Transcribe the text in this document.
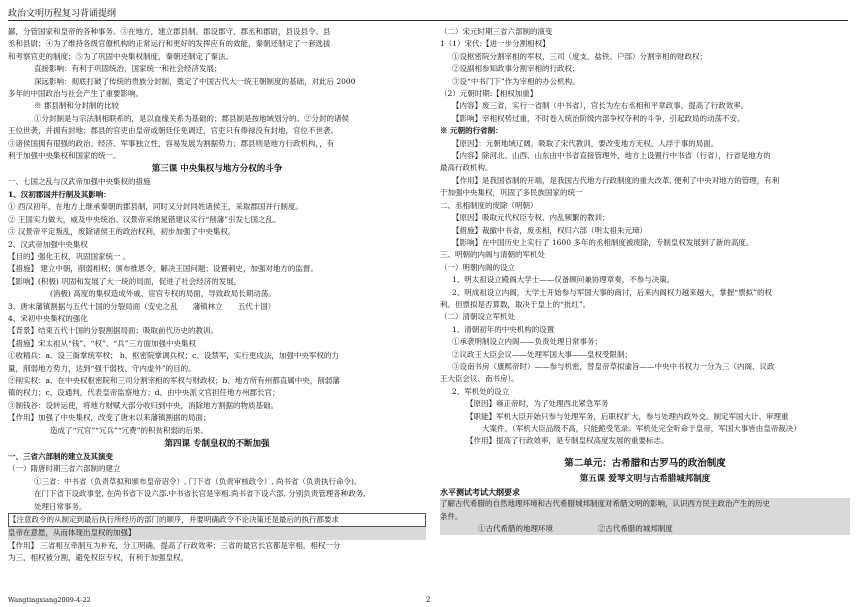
政治文明历程复习背诵提纲
鄙，分管国家和皇帝的各种事务。③在地方，建立郡县制。郡设郡守、郡丞和郡尉，县设县令、县
丞和县尉；④为了维持各级官僚机构的正常运行和更好的发挥应有的效能，秦朝还制定了一套选拔
和考察官吏的制度；⑤为了巩固中央集权制度，秦朝还制定了秦法。
直接影响：有利于巩固统治，国家统一和社会经济发展；
深远影响：彻底打破了传统的贵族分封制，奠定了中国古代大一统王朝制度的基础，对此后 2000
多年的中国政治与社会产生了重要影响。
※ 郡县制和分封制的比较
①分封制是与宗法制相联系的，是以血缘关系为基础的；郡县制是按地域划分的。②分封的诸侯
王位世袭，并拥有封地；郡县的官吏由皇帝或朝廷任免调迁，官吏只有俸禄没有封地，官位不世袭。
③诸侯国拥有很强的政治、经济、军事独立性，容易发展为割据势力；郡县则是地方行政机构，，有
利于加强中央集权和国家的统一。
第三课 中央集权与地方分权的斗争
一、七国之乱与汉武帝加强中央集权的措施
1、汉初郡国并行制及其影响：
① 西汉初年，在地方上继承秦朝的郡县制，同时又分封同姓诸侯王，采取郡国并行制度。
② 王国实力做大，威及中央统治。汉景帝采纳晁错建议实行“削藩”引发七国之乱。
③ 汉景帝平定叛乱，废除诸侯王的政治权利，初步加强了中央集权。
2、汉武帝加强中央集权
【目的】强化王权，巩固国家统一 。
【措施】 建立中朝，削弱相权；颁布推恩令，解决王国问题；设置刺史，加强对地方的监督。
【影响】(积极) 巩固和发展了大一统的局面，促进了社会经济的发展。
(消极) 高度的集权造成外戚、宦官专权的局面，导致政局长期动荡。
3、唐末藩镇割据与五代十国的分裂局面（安史之乱　　藩镇林立　　五代十国）
4、宋初中央集权的强化
【背景】结束五代十国的分裂割据局面；吸取前代历史的教训。
【措施】宋太祖从“钱”、“权”、“兵”三方面加强中央集权
①收精兵：a、设三衙掌统军权； b、枢密院掌调兵权；c、设禁军，实行更戍法，加强中央军权的力
量，削弱地方势力，达到“强干弱枝、守内虚外”的目的。
②削实权：a、在中央权枢密院和三司分割宰相的军权与财政权；b、地方所有州都直属中央，削弱藩
镇的权力；c、设通判，代表皇帝监察地方；d、由中央派文官担任地方州郡长官；
③制钱谷：设转运使，将地方财赋大部分收归到中央，消除地方割据的物质基础。
【作用】加强了中央集权，改变了唐末以来藩镇割据的局面；
造成了“冗官”“冗兵”“冗费”的积贫积弱的后果。
第四课 专制皇权的不断加强
一、三省六部制的建立及其演变
（一）隋唐时期三省六部制的建立
①三省：中书省（负责草拟和颁布皇帝诏令）, 门下省（负责审核政令）, 尚书省（负责执行命令),
在门下省下设政事堂, 在尚书省下设六部.中书省长官是宰相.尚书省下设六部, 分别负责管理各种政务,
处理日常事务。
【注意政令的从制定到最后执行所经历的部门的顺序，并要明确政令不论决策还是最后的执行都要求
皇帝在意愿，从而体现出皇权的加强】
【作用】 三省相互牵制互为补充，分工明确，提高了行政效率；三省的最官长官都是宰相，相权一分
为三，相权被分割，避免权臣专权，有利于加强皇权。
（二）宋元时期三省六部制的演变
1（1）宋代:【进一步分割相权】
①设枢密院分割宰相的军权，三司（度支、盐铁、户部）分割宰相的财政权；
②设副相参知政事分割宰相的行政权；
③设“中书门下”作为宰相的办公机构。
（2）元朝时期:【相权加重】
【内容】废三省，实行一省制（中书省），官长为左右丞相和平章政事，提高了行政效率。
【影响】宰相权势过重，不时卷入统治阶级内部争权夺利的斗争，引起政局的动荡不安。
※ 元朝的行省制：
【原因】：元朝地域辽阔，吸取了宋代教训，要改变地方无权，人浮于事的局面。
【内容】除河北、山西、山东由中书省直接管理外，地方上设置行中书省（行省），行省是地方的
最高行政机构。
【作用】是我国省制的开端，是我国古代地方行政制度的重大改革, 便利了中央对地方的管理，有利
于加强中央集权，巩固了多民族国家的统一
二、丞相制度的废除（明朝）
【原因】吸取元代权臣专权、内乱频繁的教训；
【措施】裁撤中书省，废丞相，权归六部（明太祖朱元璋）
【影响】在中国历史上实行了 1600 多年的丞相制度被废除，专制皇权发展到了新的高度。
三、明朝的内阁与清朝的军机处
（一）明朝内阁的设立
1、明太祖设立殿阁大学士——仅备顾问兼协理章奏，不参与决策。
2、明成祖设立内阁，大学士开始参与军国大事的商讨，后来内阁权力越来越大，掌握“票拟”的权
利。但票拟是否算数，取决于皇上的“批红”。
（二）清朝设立军机处
1、清朝初年的中央机构的设置
①承袭明制设立内阁——负责处理日常事务；
②议政王大臣会议——处理军国大事——皇权受限制；
③设南书房（康熙帝时）——参与机密，替皇帝草拟谕旨——中央中书权力一分为三（内阁、议政
王大臣会议、南书房）。
2、军机处的设立
【原因】雍正帝时，为了处理西北紧急军务
【职能】军机大臣开始只参与处理军务，后职权扩大，参与处理内政外交、制定军国大计、审理重
大案件。（军机大臣品级不高，只能跪受笔录；军机处完全听命于皇帝，军国大事皆由皇帝裁决）
【作用】提高了行政效率，是专制皇权高度发展的重要标志。
第二单元：古希腊和古罗马的政治制度
第五课 爱琴文明与古希腊城邦制度
水平测试考试大纲要求
了解古代希腊的自然地理环境和古代希腊城邦制度对希腊文明的影响，认识西方民主政治产生的历史
条件。
①古代希腊的地理环境	②古代希腊的城邦制度
Wangtingxiang2009-4-22	2
